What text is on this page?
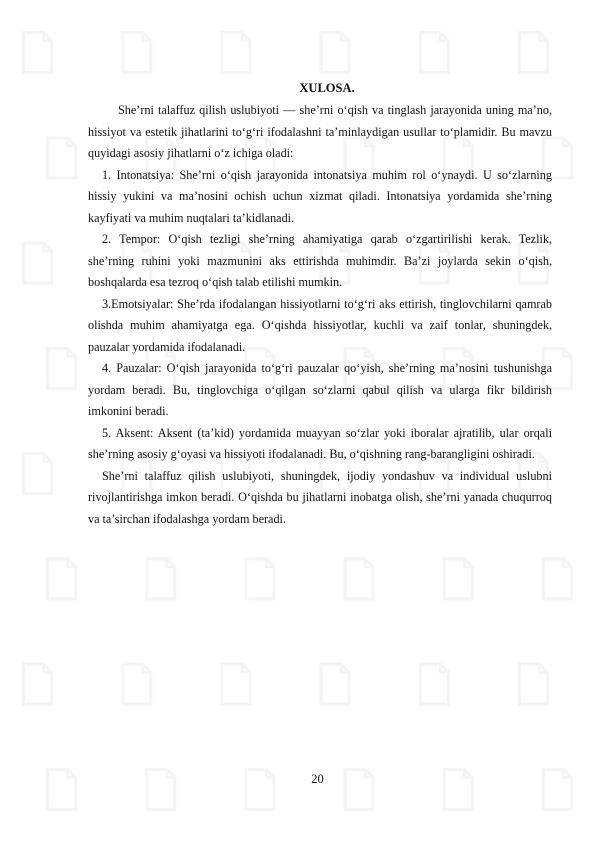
XULOSA.

She’rni talaffuz qilish uslubiyoti — she’rni o‘qish va tinglash jarayonida uning ma’no, hissiyot va estetik jihatlarini to‘g‘ri ifodalashni ta’minlaydigan usullar to‘plamidir. Bu mavzu quyidagi asosiy jihatlarni o‘z ichiga oladi:

1. Intonatsiya: She’rni o‘qish jarayonida intonatsiya muhim rol o‘ynaydi. U so‘zlarning hissiy yukini va ma’nosini ochish uchun xizmat qiladi. Intonatsiya yordamida she’rning kayfiyati va muhim nuqtalari ta’kidlanadi.

2. Tempor: O‘qish tezligi she’rning ahamiyatiga qarab o‘zgartirilishi kerak. Tezlik, she’rning ruhini yoki mazmunini aks ettirishda muhimdir. Ba’zi joylarda sekin o‘qish, boshqalarda esa tezroq o‘qish talab etilishi mumkin.

3.Emotsiyalar: She’rda ifodalangan hissiyotlarni to‘g‘ri aks ettirish, tinglovchilarni qamrab olishda muhim ahamiyatga ega. O‘qishda hissiyotlar, kuchli va zaif tonlar, shuningdek, pauzalar yordamida ifodalanadi.

4. Pauzalar: O‘qish jarayonida to‘g‘ri pauzalar qo‘yish, she’rning ma’nosini tushunishga yordam beradi. Bu, tinglovchiga o‘qilgan so‘zlarni qabul qilish va ularga fikr bildirish imkonini beradi.

5. Aksent: Aksent (ta’kid) yordamida muayyan so‘zlar yoki iboralar ajratilib, ular orqali she’rning asosiy g‘oyasi va hissiyoti ifodalanadi. Bu, o‘qishning rang-barangligini oshiradi.

She’rni talaffuz qilish uslubiyoti, shuningdek, ijodiy yondashuv va individual uslubni rivojlantirishga imkon beradi. O‘qishda bu jihatlarni inobatga olish, she’rni yanada chuqurroq va ta’sirchan ifodalashga yordam beradi.

20
